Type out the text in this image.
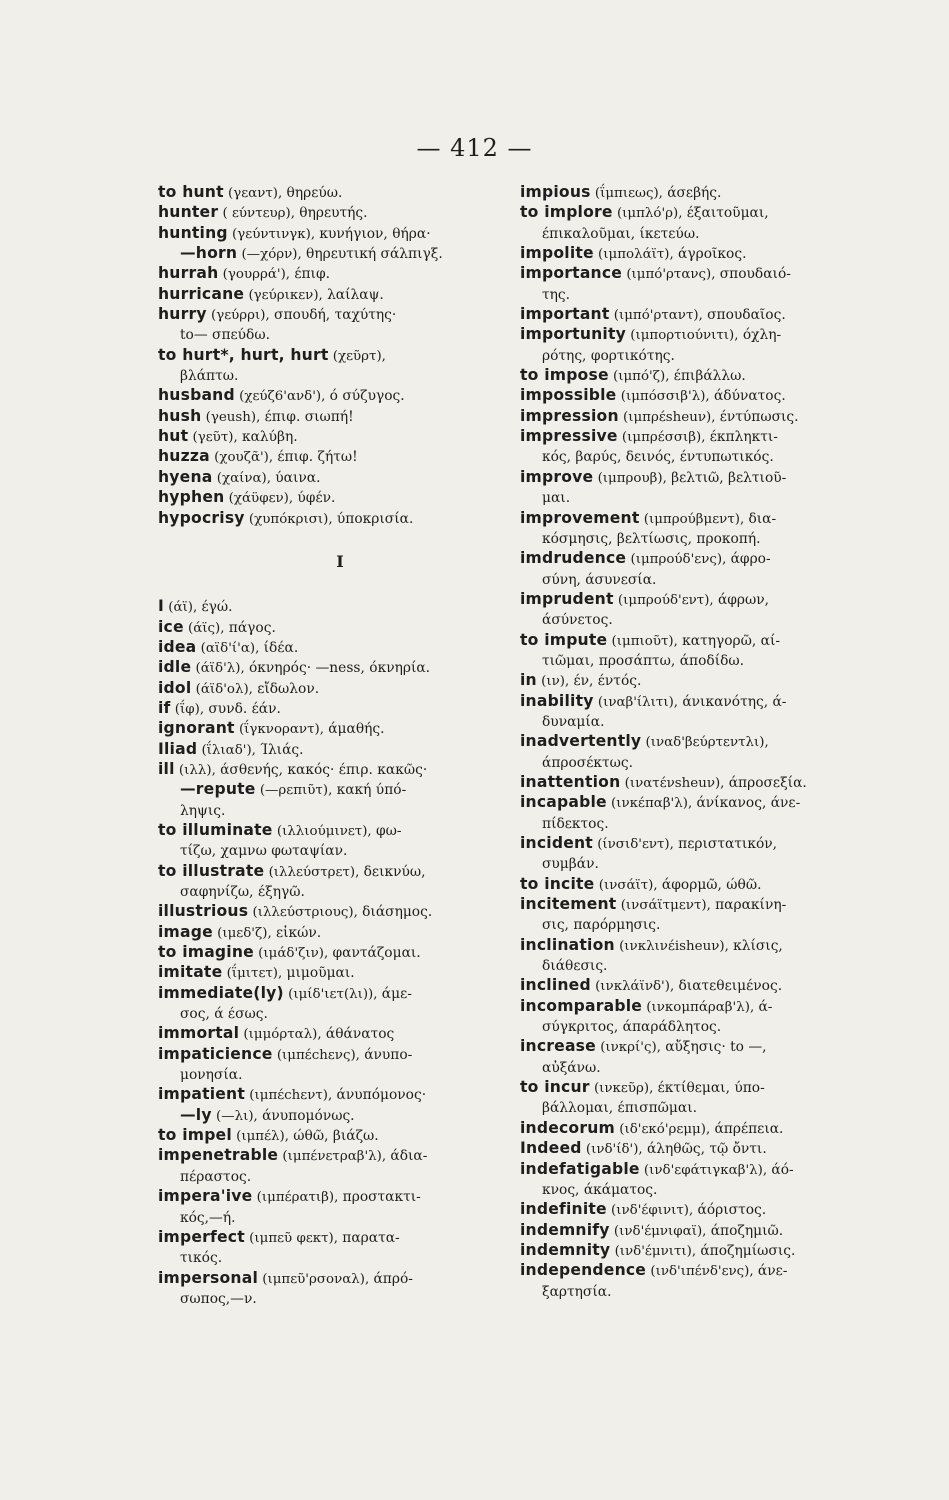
— 412 —
to hunt (γεαντ), θηρεύω.
hunter ( εύντευρ), θηρευτής.
hunting (γεύντινγκ), κυνήγιον, θήρα·
—horn (—χόρν), θηρευτική σάλπιγξ.
hurrah (γουρρά'), έπιφ.
hurricane (γεύρικεν), λαίλαψ.
hurry (γεύρρι), σπουδή, ταχύτης·
to— σπεύδω.
to hurt*, hurt, hurt (χεῦρτ),
βλάπτω.
husband (χεύζ6'ανδ'), ό σύζυγος.
hush (γeush), έπιφ. σιωπή!
hut (γεῦτ), καλύβη.
huzza (χουζᾶ'), έπιφ. ζήτω!
hyena (χαίνα), ύαινα.
hyphen (χάϋφεν), ύφέν.
hypocrisy (χυπόκρισι), ύποκρισία.
I
I (άϊ), έγώ.
ice (άϊς), πάγος.
idea (αϊδ'ί'α), ίδέα.
idle (άϊδ'λ), όκνηρός· —ness, όκνηρία.
idol (άϊδ'ολ), εἴδωλον.
if (ΐφ), συνδ. έάν.
ignorant (ΐγκνοραντ), άμαθής.
Iliad (ΐλιαδ'), Ίλιάς.
ill (ιλλ), άσθενής, κακός· έπιρ. κακῶς·
—repute (—ρεπιῦτ), κακή ύπό-
ληψις.
to illuminate (ιλλιούμινετ), φω-
τίζω, χαμνω φωταψίαν.
to illustrate (ιλλεύστρετ), δεικνύω,
σαφηνίζω, έξηγῶ.
illustrious (ιλλεύστριους), διάσημος.
image (ιμεδ'ζ), εἰκών.
to imagine (ιμάδ'ζιν), φαντάζομαι.
imitate (ΐμιτετ), μιμοῦμαι.
immediate(ly) (ιμίδ'ιετ(λι)), άμε-
σος, ά έσως.
immortal (ιμμόρταλ), άθάνατος
impaticience (ιμπέchενς), άνυπο-
μονησία.
impatient (ιμπέchεντ), άνυπόμονος·
—ly (—λι), άνυπομόνως.
to impel (ιμπέλ), ώθῶ, βιάζω.
impenetrable (ιμπένετραβ'λ), άδια-
πέραστος.
impera'ive (ιμπέρατιβ), προστακτι-
κός,—ή.
imperfect (ιμπεῦ φεκτ), παρατα-
τικός.
impersonal (ιμπεῦ'ρσοναλ), άπρό-
σωπος,—ν.
impious (ΐμπιεως), άσεβής.
to implore (ιμπλό'ρ), έξαιτοῦμαι,
έπικαλοῦμαι, ίκετεύω.
impolite (ιμπολάϊτ), άγροῖκος.
importance (ιμπό'ρτανς), σπουδαιό-
της.
important (ιμπό'ρταντ), σπουδαῖος.
importunity (ιμπορτιούνιτι), όχλη-
ρότης, φορτικότης.
to impose (ιμπό'ζ), έπιβάλλω.
impossible (ιμπόσσιβ'λ), άδύνατος.
impression (ιμπρέsheuν), έντύπωσις.
impressive (ιμπρέσσιβ), έκπληκτι-
κός, βαρύς, δεινός, έντυπωτικός.
improve (ιμπρουβ), βελτιῶ, βελτιοῦ-
μαι.
improvement (ιμπρούβμεντ), δια-
κόσμησις, βελτίωσις, προκοπή.
imdrudence (ιμπρούδ'ενς), άφρο-
σύνη, άσυνεσία.
imprudent (ιμπρούδ'εντ), άφρων,
άσύνετος.
to impute (ιμπιοῦτ), κατηγορῶ, αί-
τιῶμαι, προσάπτω, άποδίδω.
in (ιν), έν, έντός.
inability (ιναβ'ίλιτι), άνικανότης, ά-
δυναμία.
inadvertently (ιναδ'βεύρτεντλι),
άπροσέκτως.
inattention (ινατένsheuν), άπροσεξία.
incapable (ινκέπαβ'λ), άνίκανος, άνε-
πίδεκτος.
incident (ίνσιδ'εντ), περιστατικόν,
συμβάν.
to incite (ινσάϊτ), άφορμῶ, ώθῶ.
incitement (ινσάϊτμεντ), παρακίνη-
σις, παρόρμησις.
inclination (ινκλινέisheuν), κλίσις,
διάθεσις.
inclined (ινκλάϊνδ'), διατεθειμένος.
incomparable (ινκομπάραβ'λ), ά-
σύγκριτος, άπαράδλητος.
increase (ινκρί'ς), αὔξησις· to —,
αὐξάνω.
to incur (ινκεῦρ), έκτίθεμαι, ύπο-
βάλλομαι, έπισπῶμαι.
indecorum (ιδ'εκό'ρεμμ), άπρέπεια.
Indeed (ινδ'ίδ'), άληθῶς, τῷ ὄντι.
indefatigable (ινδ'εφάτιγκαβ'λ), άό-
κνος, άκάματος.
indefinite (ινδ'έφινιτ), άόριστος.
indemnify (ινδ'έμνιφαϊ), άποζημιῶ.
indemnity (ινδ'έμνιτι), άποζημίωσις.
independence (ινδ'ιπένδ'ενς), άνε-
ξαρτησία.
